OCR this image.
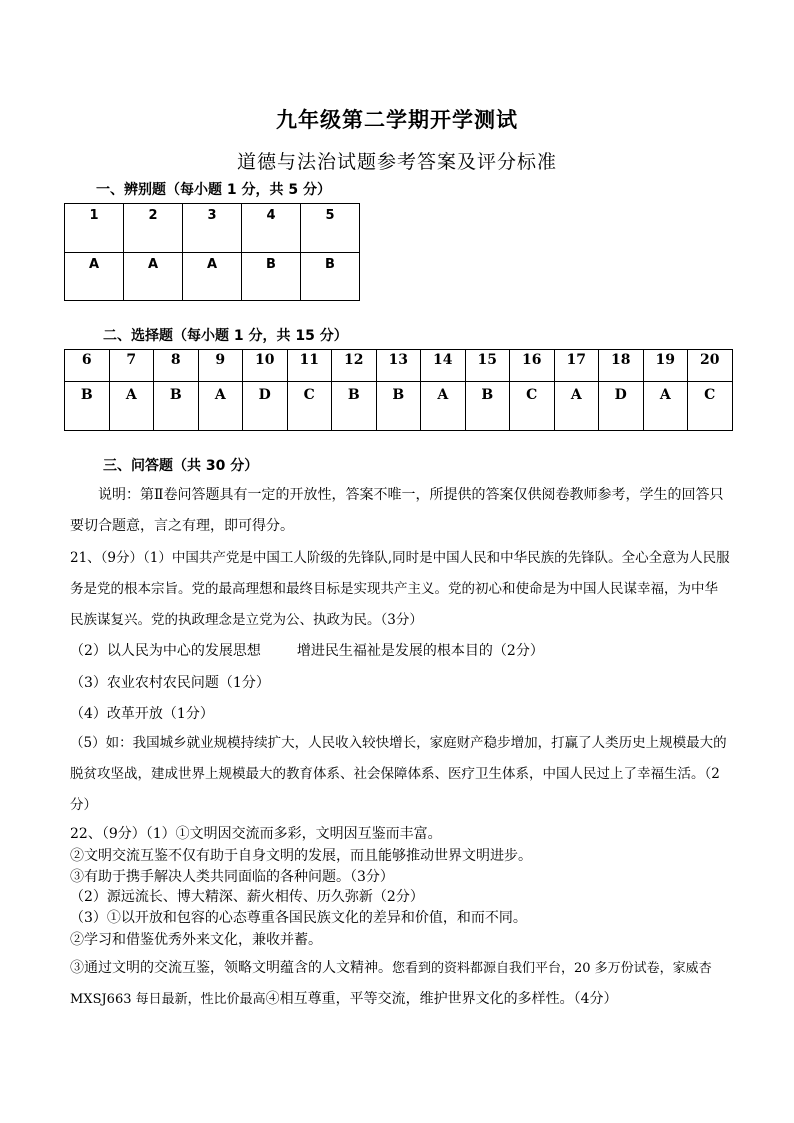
九年级第二学期开学测试
道德与法治试题参考答案及评分标准
一、辨别题（每小题 1 分，共 5 分）
1	2	3	4	5
A	A	A	B	B
二、选择题（每小题 1 分，共 15 分）
6	7	8	9	10	11	12	13	14	15	16	17	18	19	20
B	A	B	A	D	C	B	B	A	B	C	A	D	A	C
三、问答题（共 30 分）
说明：第Ⅱ卷问答题具有一定的开放性，答案不唯一，所提供的答案仅供阅卷教师参考，学生的回答只要切合题意，言之有理，即可得分。
21、（9分）（1）中国共产党是中国工人阶级的先锋队,同时是中国人民和中华民族的先锋队。全心全意为人民服务是党的根本宗旨。党的最高理想和最终目标是实现共产主义。党的初心和使命是为中国人民谋幸福，为中华民族谋复兴。党的执政理念是立党为公、执政为民。（3分）
（2）以人民为中心的发展思想	增进民生福祉是发展的根本目的（2分）
（3）农业农村农民问题（1分）
（4）改革开放（1分）
（5）如：我国城乡就业规模持续扩大，人民收入较快增长，家庭财产稳步增加，打赢了人类历史上规模最大的脱贫攻坚战，建成世界上规模最大的教育体系、社会保障体系、医疗卫生体系，中国人民过上了幸福生活。（2分）
22、（9分）（1）①文明因交流而多彩，文明因互鉴而丰富。
②文明交流互鉴不仅有助于自身文明的发展，而且能够推动世界文明进步。
③有助于携手解决人类共同面临的各种问题。（3分）
（2）源远流长、博大精深、薪火相传、历久弥新（2分）
（3）①以开放和包容的心态尊重各国民族文化的差异和价值，和而不同。
②学习和借鉴优秀外来文化，兼收并蓄。
③通过文明的交流互鉴，领略文明蕴含的人文精神。您看到的资料都源自我们平台，20 多万份试卷，家威杏 MXSJ663 每日最新，性比价最高④相互尊重，平等交流，维护世界文化的多样性。（4分）
